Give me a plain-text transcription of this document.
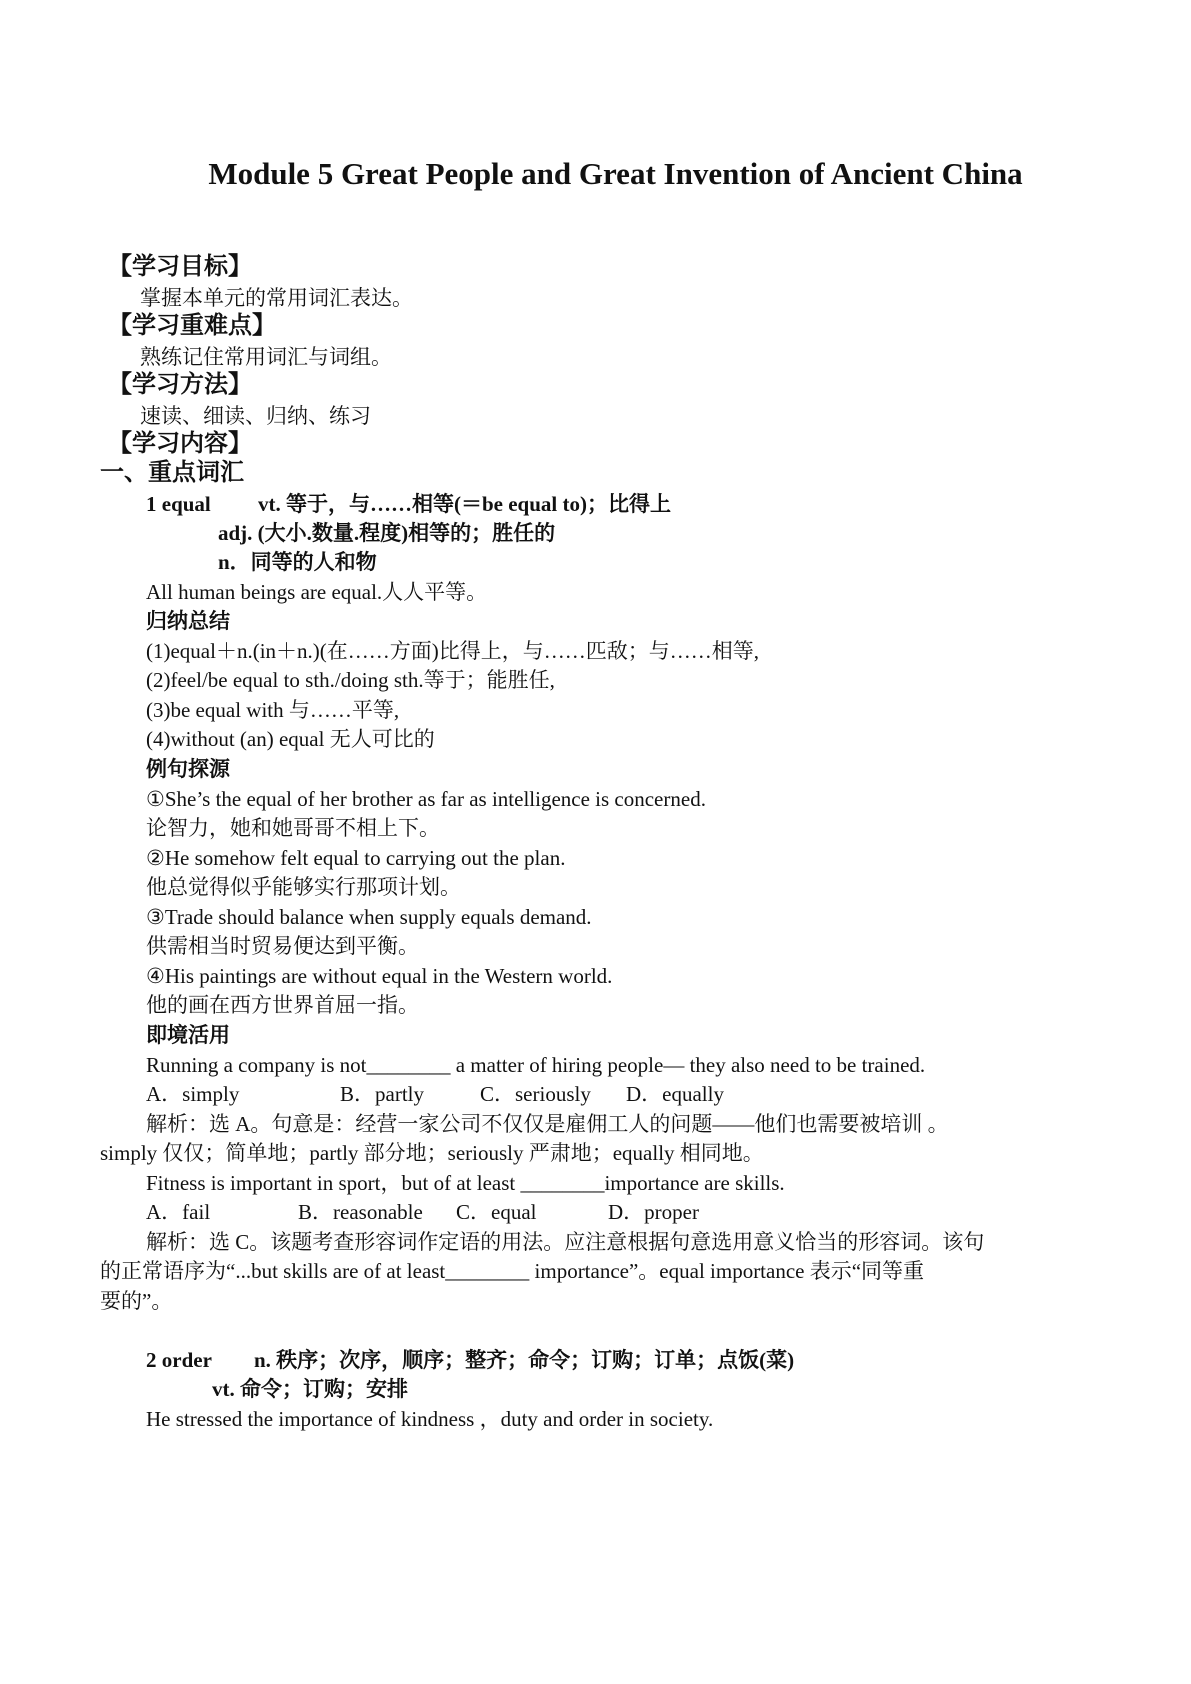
Module 5 Great People and Great Invention of Ancient China
【学习目标】
掌握本单元的常用词汇表达。
【学习重难点】
熟练记住常用词汇与词组。
【学习方法】
速读、细读、归纳、练习
【学习内容】
一、重点词汇
1 equal vt. 等于，与……相等(＝be equal to)；比得上
adj. (大小.数量.程度)相等的；胜任的
n．同等的人和物
All human beings are equal.人人平等。
归纳总结
(1)equal＋n.(in＋n.)(在……方面)比得上，与……匹敌；与……相等,
(2)feel/be equal to sth./doing sth.等于；能胜任,
(3)be equal with 与……平等,
(4)without (an) equal 无人可比的
例句探源
①She’s the equal of her brother as far as intelligence is concerned.
论智力，她和她哥哥不相上下。
②He somehow felt equal to carrying out the plan.
他总觉得似乎能够实行那项计划。
③Trade should balance when supply equals demand.
供需相当时贸易便达到平衡。
④His paintings are without equal in the Western world.
他的画在西方世界首屈一指。
即境活用
Running a company is not________ a matter of hiring people— they also need to be trained.
A．simply	B．partly	C．seriously D．equally
解析：选 A。句意是：经营一家公司不仅仅是雇佣工人的问题——他们也需要被培训 。
simply 仅仅；简单地；partly 部分地；seriously 严肃地；equally 相同地。
Fitness is important in sport，but of at least ________importance are skills.
A．fail	B．reasonable C．equal	D．proper
解析：选 C。该题考查形容词作定语的用法。应注意根据句意选用意义恰当的形容词。该句
的正常语序为“...but skills are of at least________ importance”。equal importance 表示“同等重
要的”。
2 order n. 秩序；次序，顺序；整齐；命令；订购；订单；点饭(菜)
vt. 命令；订购；安排
He stressed the importance of kindness ，duty and order in society.
